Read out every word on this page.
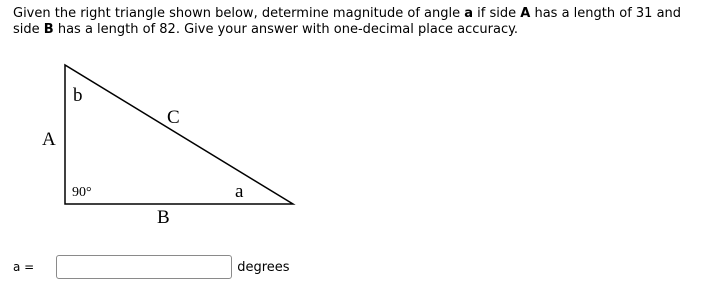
Given the right triangle shown below, determine magnitude of angle a if side A has a length of 31 and side B has a length of 82. Give your answer with one-decimal place accuracy.

b
C
A
90°	a
B
a =	degrees
